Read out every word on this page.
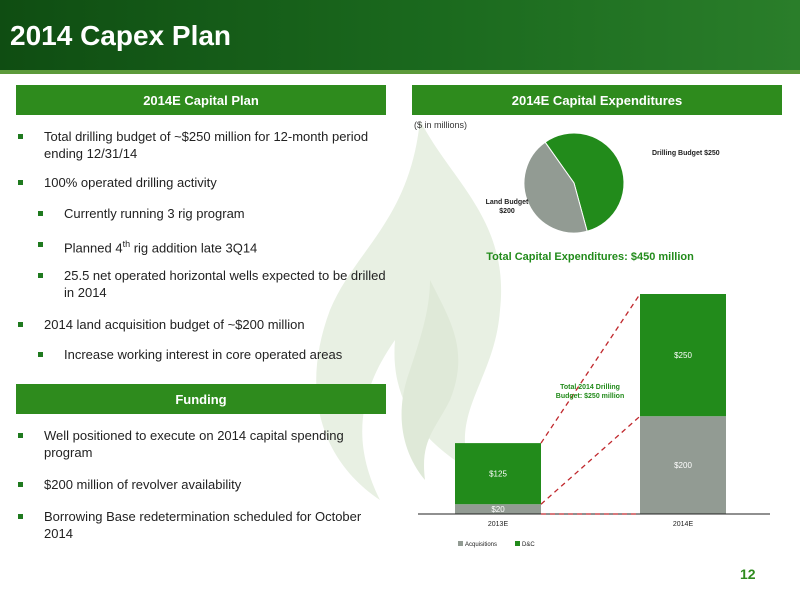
2014 Capex Plan
2014E Capital Plan
Total drilling budget of ~$250 million for 12-month period ending 12/31/14
100% operated drilling activity
Currently running 3 rig program
Planned 4th rig addition late 3Q14
25.5 net operated horizontal wells expected to be drilled in 2014
2014 land acquisition budget of ~$200 million
Increase working interest in core operated areas
Funding
Well positioned to execute on 2014 capital spending program
$200 million of revolver availability
Borrowing Base redetermination scheduled for October 2014
2014E Capital Expenditures
($ in millions)
Drilling Budget $250
Land Budget $200
Total Capital Expenditures: $450 million
$20
$125
2013E
$200
$250
2014E
Acquisitions	D&C
Total 2014 Drilling
Budget: $250 million
12
